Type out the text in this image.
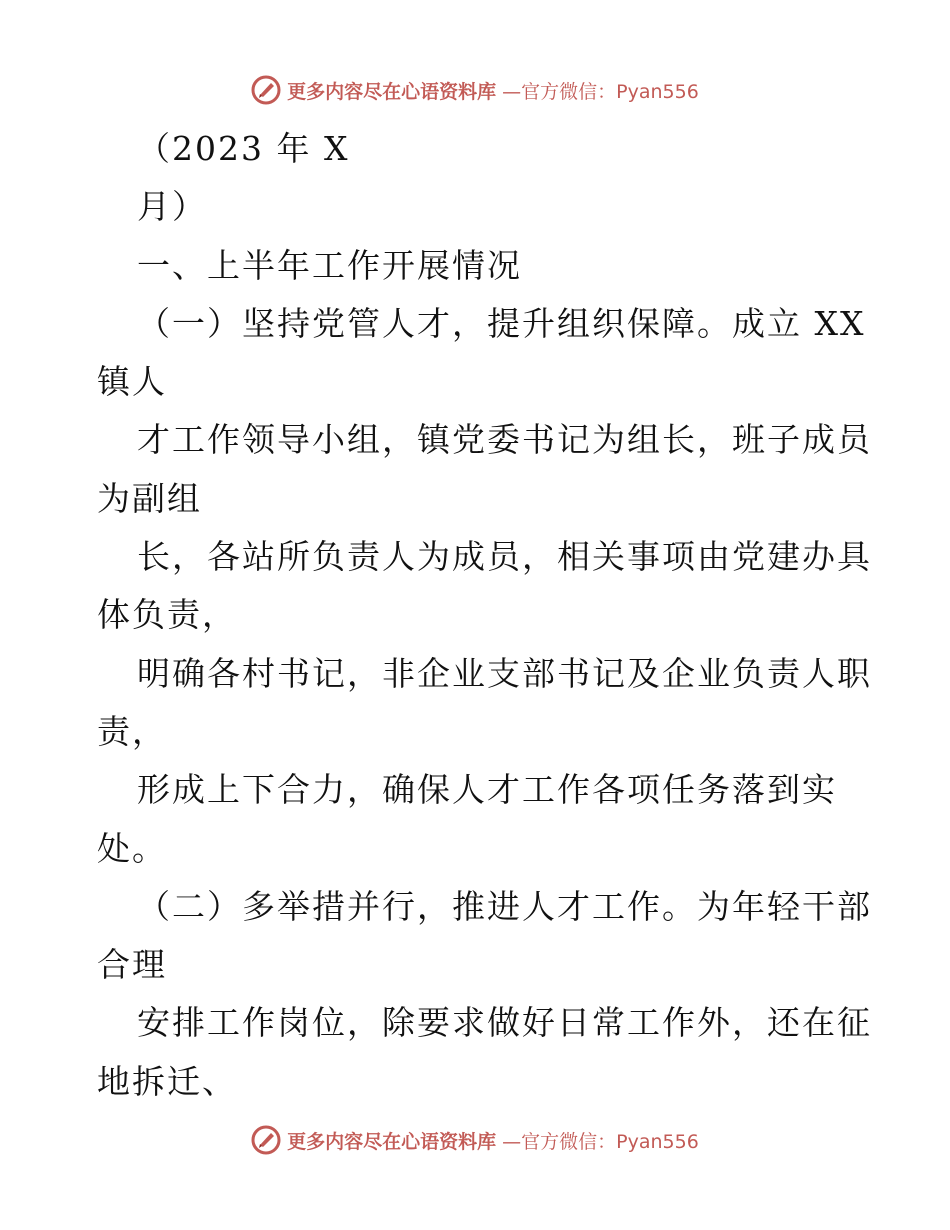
更多内容尽在心语资料库 —官方微信：Pyan556
（2023 年 X
月）
一、上半年工作开展情况
（一）坚持党管人才，提升组织保障。成立 XX
镇人
才工作领导小组，镇党委书记为组长，班子成员
为副组
长，各站所负责人为成员，相关事项由党建办具
体负责，
明确各村书记，非企业支部书记及企业负责人职
责，
形成上下合力，确保人才工作各项任务落到实
处。
（二）多举措并行，推进人才工作。为年轻干部
合理
安排工作岗位，除要求做好日常工作外，还在征
地拆迁、
更多内容尽在心语资料库 —官方微信：Pyan556
